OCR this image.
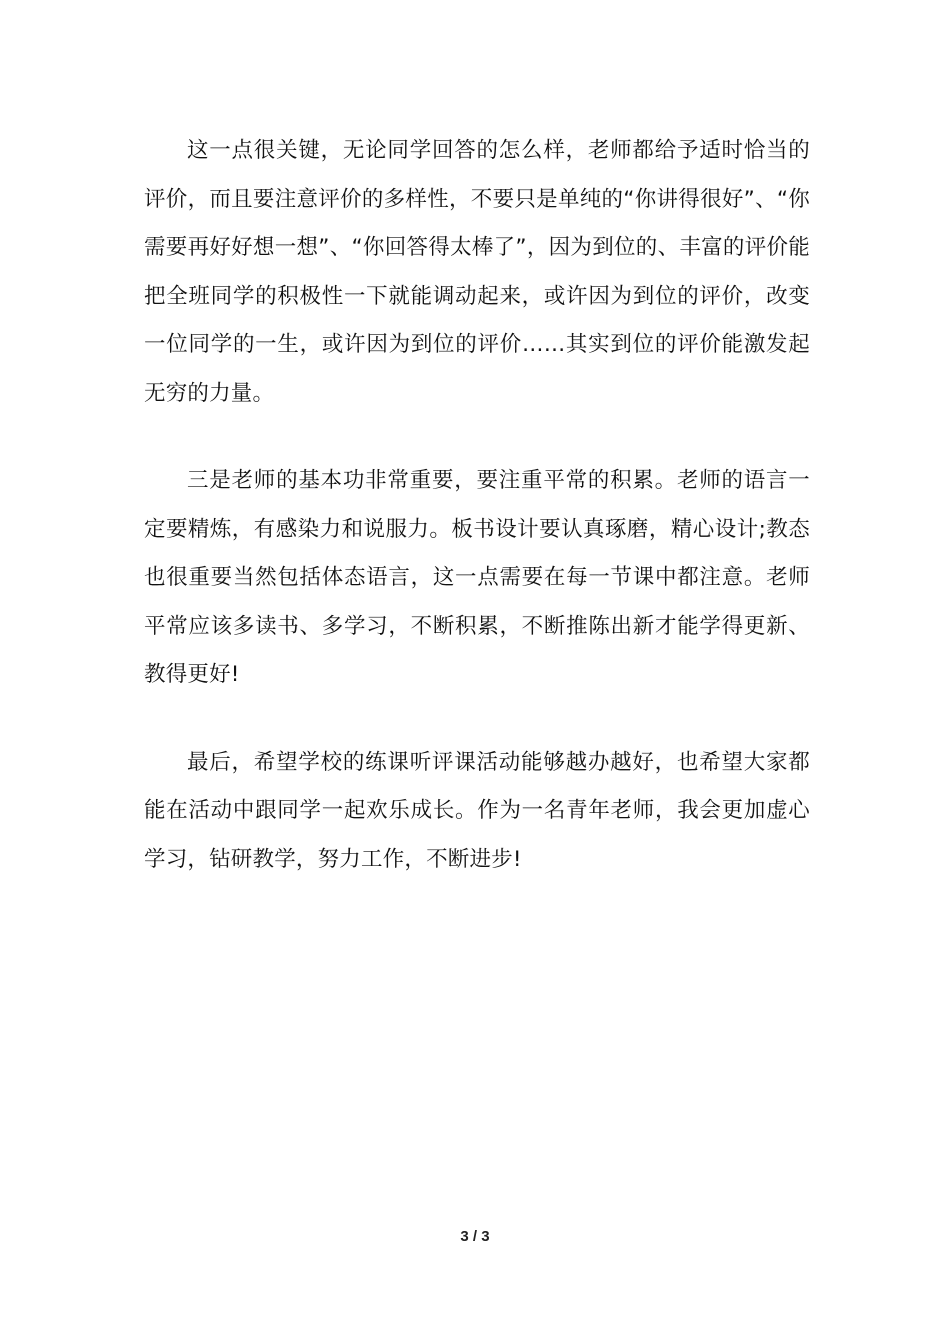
这一点很关键，无论同学回答的怎么样，老师都给予适时恰当的评价，而且要注意评价的多样性，不要只是单纯的“你讲得很好”、“你需要再好好想一想”、“你回答得太棒了”，因为到位的、丰富的评价能把全班同学的积极性一下就能调动起来，或许因为到位的评价，改变一位同学的一生，或许因为到位的评价……其实到位的评价能激发起无穷的力量。

三是老师的基本功非常重要，要注重平常的积累。老师的语言一定要精炼，有感染力和说服力。板书设计要认真琢磨，精心设计;教态也很重要当然包括体态语言，这一点需要在每一节课中都注意。老师平常应该多读书、多学习，不断积累，不断推陈出新才能学得更新、教得更好!

最后，希望学校的练课听评课活动能够越办越好，也希望大家都能在活动中跟同学一起欢乐成长。作为一名青年老师，我会更加虚心学习，钻研教学，努力工作，不断进步!

3 / 3
